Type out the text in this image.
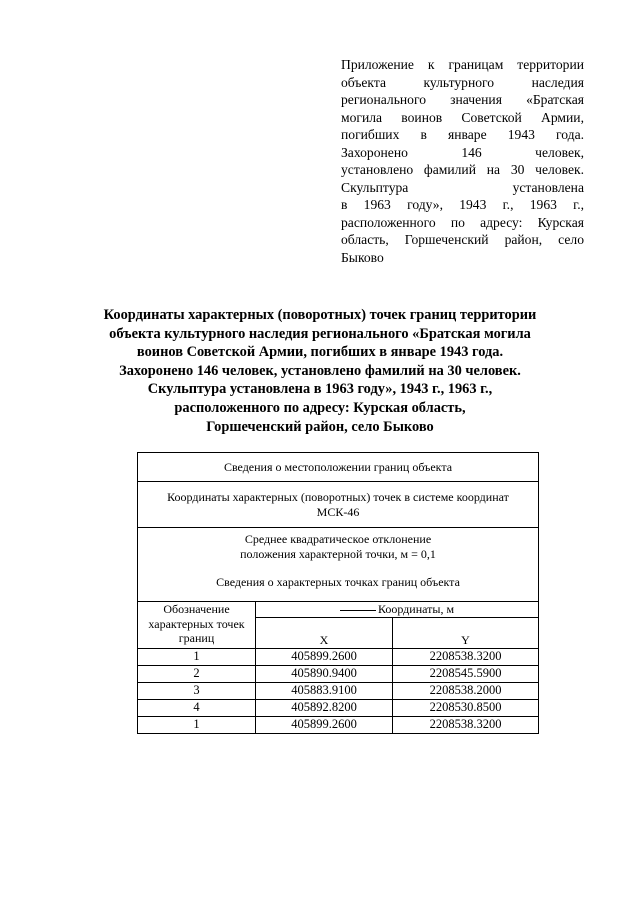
Приложение к границам территории
объекта культурного наследия
регионального значения «Братская
могила воинов Советской Армии,
погибших в январе 1943 года.
Захоронено 146 человек,
установлено фамилий на 30 человек.
Скульптура установлена
в 1963 году», 1943 г., 1963 г.,
расположенного по адресу: Курская
область, Горшеченский район, село
Быково
Координаты характерных (поворотных) точек границ территории
объекта культурного наследия регионального «Братская могила
воинов Советской Армии, погибших в январе 1943 года.
Захоронено 146 человек, установлено фамилий на 30 человек.
Скульптура установлена в 1963 году», 1943 г., 1963 г.,
расположенного по адресу: Курская область,
Горшеченский район, село Быково
Сведения о местоположении границ объекта		

Координаты характерных (поворотных) точек в системе координат
МСК-46		

Среднее квадратическое отклонение
положения характерной точки, м = 0,1
Сведения о характерных точках границ объекта		

Обозначение характерных точек границ	Координаты, м	
	X	Y
1	405899.2600	2208538.3200
2	405890.9400	2208545.5900
3	405883.9100	2208538.2000
4	405892.8200	2208530.8500
1	405899.2600	2208538.3200
